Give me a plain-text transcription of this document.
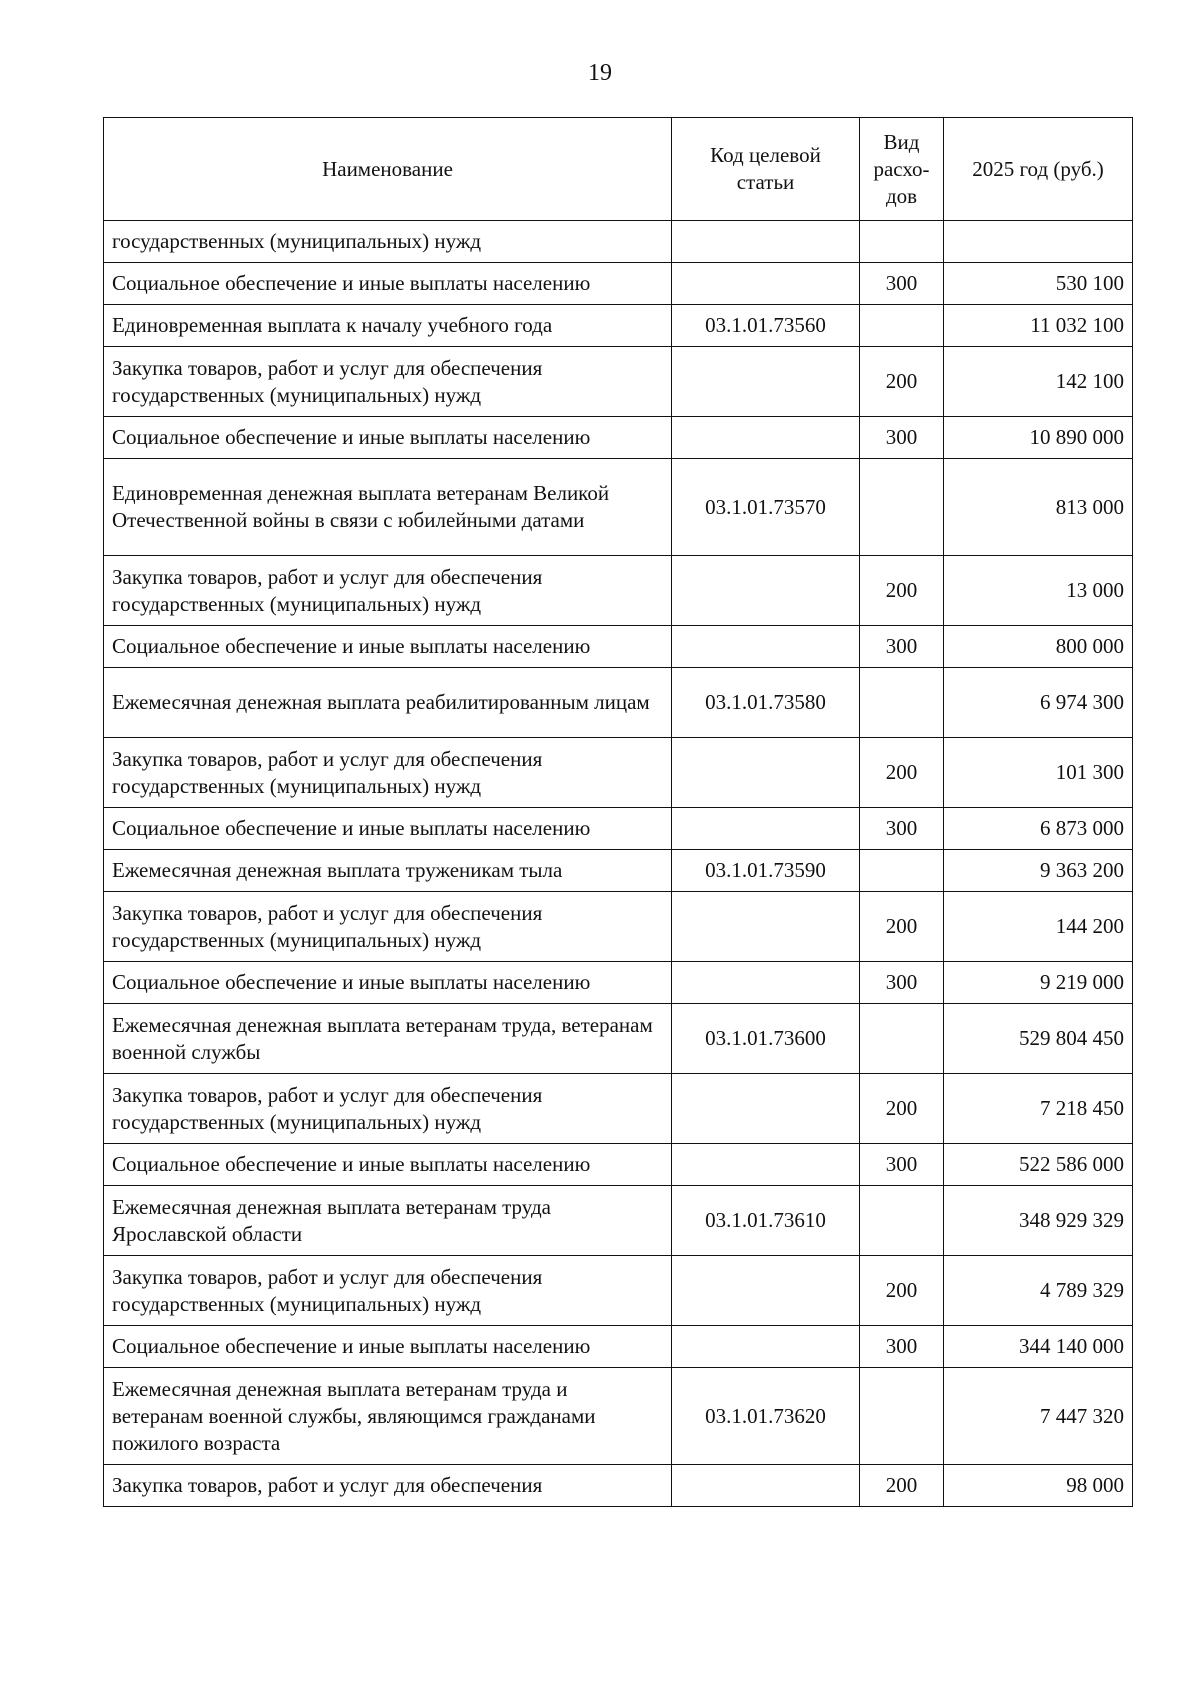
19
Наименование	Код целевой статьи	Вид расхо-дов	2025 год (руб.)
государственных (муниципальных) нужд			
Социальное обеспечение и иные выплаты населению		300	530 100
Единовременная выплата к началу учебного года	03.1.01.73560		11 032 100
Закупка товаров, работ и услуг для обеспечения государственных (муниципальных) нужд		200	142 100
Социальное обеспечение и иные выплаты населению		300	10 890 000
Единовременная денежная выплата ветеранам Великой Отечественной войны в связи с юбилейными датами	03.1.01.73570		813 000
Закупка товаров, работ и услуг для обеспечения государственных (муниципальных) нужд		200	13 000
Социальное обеспечение и иные выплаты населению		300	800 000
Ежемесячная денежная выплата реабилитированным лицам	03.1.01.73580		6 974 300
Закупка товаров, работ и услуг для обеспечения государственных (муниципальных) нужд		200	101 300
Социальное обеспечение и иные выплаты населению		300	6 873 000
Ежемесячная денежная выплата труженикам тыла	03.1.01.73590		9 363 200
Закупка товаров, работ и услуг для обеспечения государственных (муниципальных) нужд		200	144 200
Социальное обеспечение и иные выплаты населению		300	9 219 000
Ежемесячная денежная выплата ветеранам труда, ветеранам военной службы	03.1.01.73600		529 804 450
Закупка товаров, работ и услуг для обеспечения государственных (муниципальных) нужд		200	7 218 450
Социальное обеспечение и иные выплаты населению		300	522 586 000
Ежемесячная денежная выплата ветеранам труда Ярославской области	03.1.01.73610		348 929 329
Закупка товаров, работ и услуг для обеспечения государственных (муниципальных) нужд		200	4 789 329
Социальное обеспечение и иные выплаты населению		300	344 140 000
Ежемесячная денежная выплата ветеранам труда и ветеранам военной службы, являющимся гражданами пожилого возраста	03.1.01.73620		7 447 320
Закупка товаров, работ и услуг для обеспечения		200	98 000
